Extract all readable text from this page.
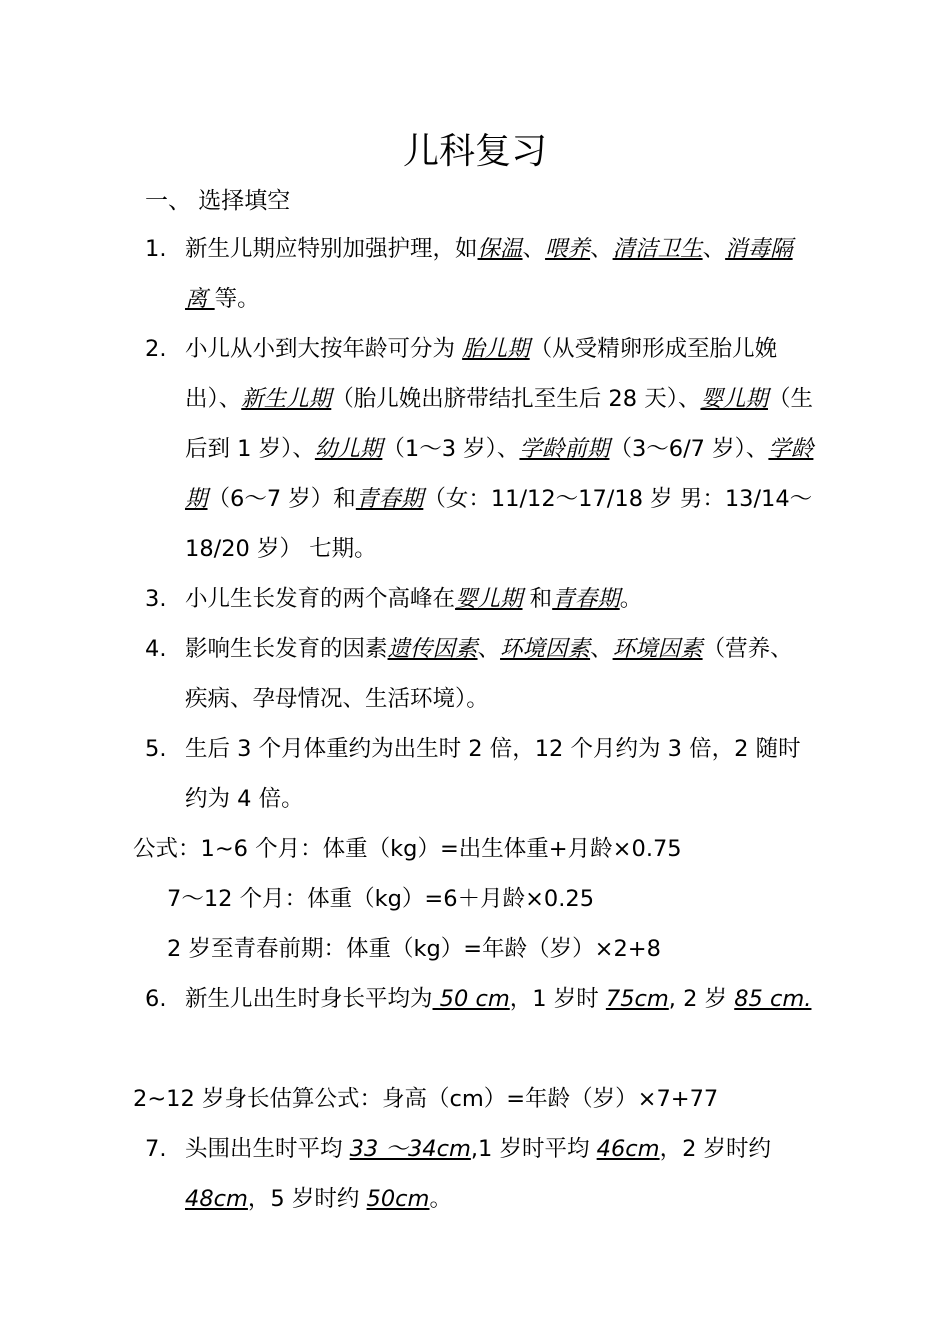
儿科复习
一、 选择填空
1. 新生儿期应特别加强护理，如保温、喂养、清洁卫生、消毒隔离 等。
2. 小儿从小到大按年龄可分为 胎儿期（从受精卵形成至胎儿娩出）、新生儿期（胎儿娩出脐带结扎至生后 28 天）、婴儿期（生后到 1 岁）、幼儿期（1～3 岁）、学龄前期（3～6/7 岁）、学龄期（6～7 岁）和青春期（女：11/12～17/18 岁 男：13/14～18/20 岁） 七期。
3. 小儿生长发育的两个高峰在婴儿期 和青春期。
4. 影响生长发育的因素遗传因素、环境因素、环境因素（营养、疾病、孕母情况、生活环境）。
5. 生后 3 个月体重约为出生时 2 倍，12 个月约为 3 倍，2 随时约为 4 倍。
公式：1~6 个月：体重（kg）=出生体重+月龄×0.75
7～12 个月：体重（kg）=6＋月龄×0.25
2 岁至青春前期：体重（kg）=年龄（岁）×2+8
6. 新生儿出生时身长平均为 50 cm，1 岁时 75cm, 2 岁 85 cm.
2~12 岁身长估算公式：身高（cm）=年龄（岁）×7+77
7. 头围出生时平均 33 ～34cm,1 岁时平均 46cm，2 岁时约 48cm，5 岁时约 50cm。
